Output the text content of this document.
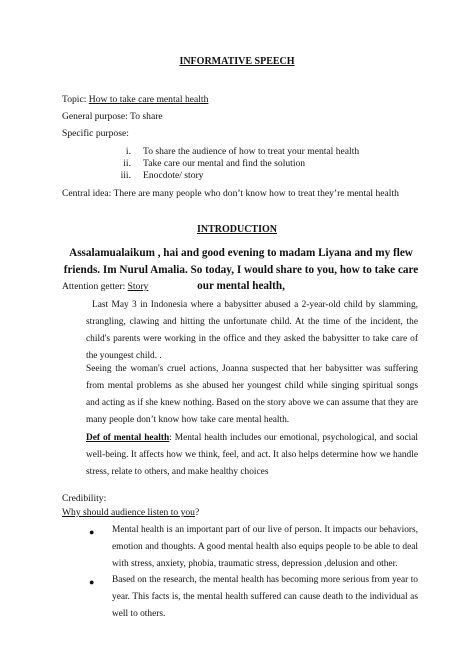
INFORMATIVE SPEECH

Topic: How to take care mental health

General purpose: To share

Specific purpose:

i. To share the audience of how to treat your mental health
ii. Take care our mental and find the solution
iii. Enocdote/ story

Central idea: There are many people who don’t know how to treat they’re mental health

INTRODUCTION

Assalamualaikum , hai and good evening to madam Liyana and my flew friends. Im Nurul Amalia. So today, I would share to you, how to take care our mental health,

Attention getter: Story

Last May 3 in Indonesia where a babysitter abused a 2-year-old child by slamming, strangling, clawing and hitting the unfortunate child. At the time of the incident, the child's parents were working in the office and they asked the babysitter to take care of the youngest child. .

Seeing the woman's cruel actions, Joanna suspected that her babysitter was suffering from mental problems as she abused her youngest child while singing spiritual songs and acting as if she knew nothing. Based on the story above we can assume that they are many people don’t know how take care mental health.

Def of mental health: Mental health includes our emotional, psychological, and social well-being. It affects how we think, feel, and act. It also helps determine how we handle stress, relate to others, and make healthy choices

Credibility:

Why should audience listen to you?

● Mental health is an important part of our live of person. It impacts our behaviors, emotion and thoughts. A good mental health also equips people to be able to deal with stress, anxiety, phobia, traumatic stress, depression ,delusion and other.

● Based on the research, the mental health has becoming more serious from year to year. This facts is, the mental health suffered can cause death to the individual as well to others.
